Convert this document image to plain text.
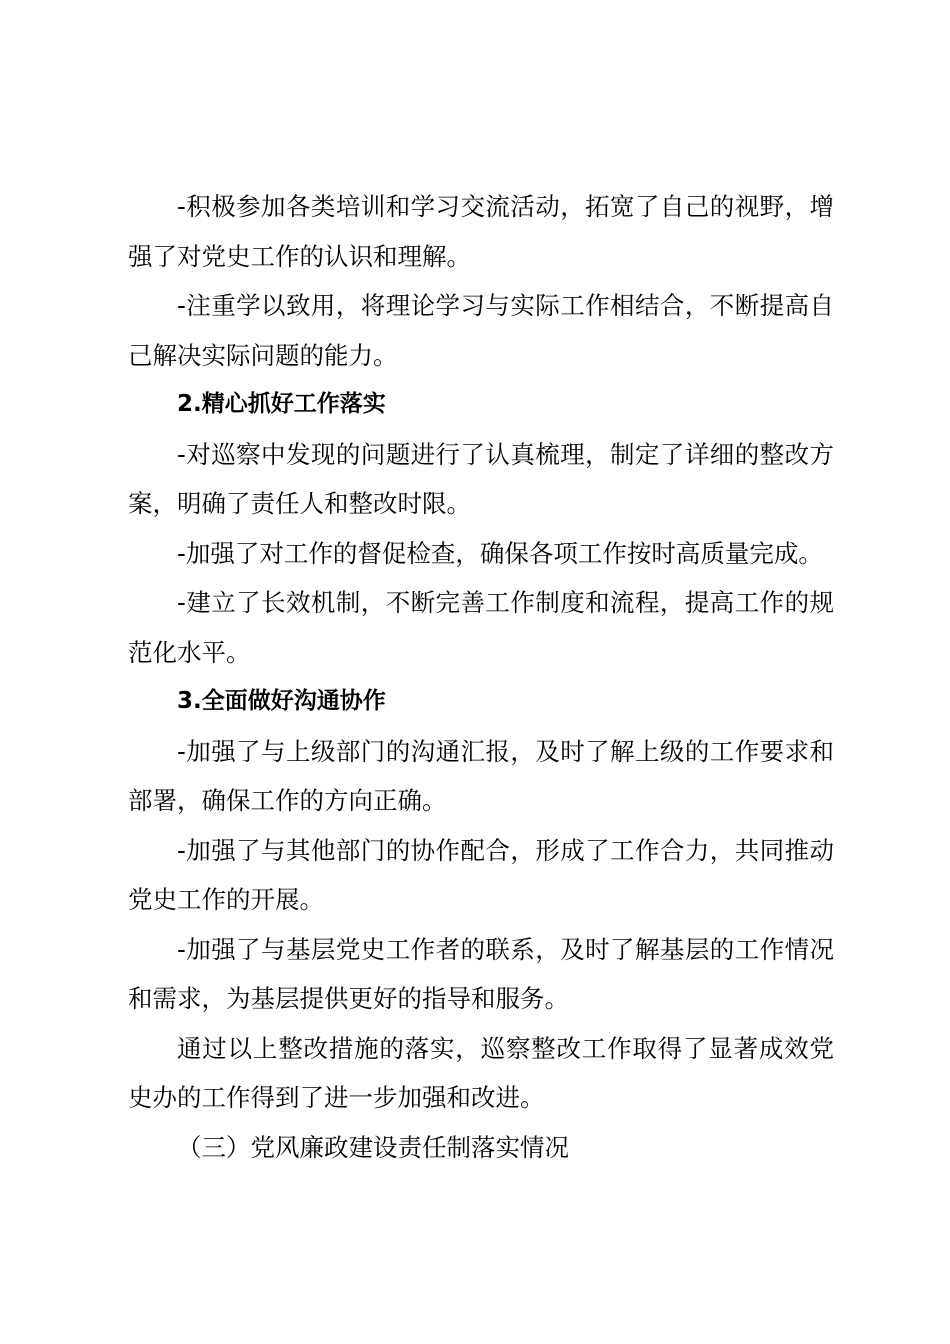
-积极参加各类培训和学习交流活动，拓宽了自己的视野，增强了对党史工作的认识和理解。

-注重学以致用，将理论学习与实际工作相结合，不断提高自己解决实际问题的能力。

2.精心抓好工作落实

-对巡察中发现的问题进行了认真梳理，制定了详细的整改方案，明确了责任人和整改时限。

-加强了对工作的督促检查，确保各项工作按时高质量完成。

-建立了长效机制，不断完善工作制度和流程，提高工作的规范化水平。

3.全面做好沟通协作

-加强了与上级部门的沟通汇报，及时了解上级的工作要求和部署，确保工作的方向正确。

-加强了与其他部门的协作配合，形成了工作合力，共同推动党史工作的开展。

-加强了与基层党史工作者的联系，及时了解基层的工作情况和需求，为基层提供更好的指导和服务。

通过以上整改措施的落实，巡察整改工作取得了显著成效党史办的工作得到了进一步加强和改进。

（三）党风廉政建设责任制落实情况
